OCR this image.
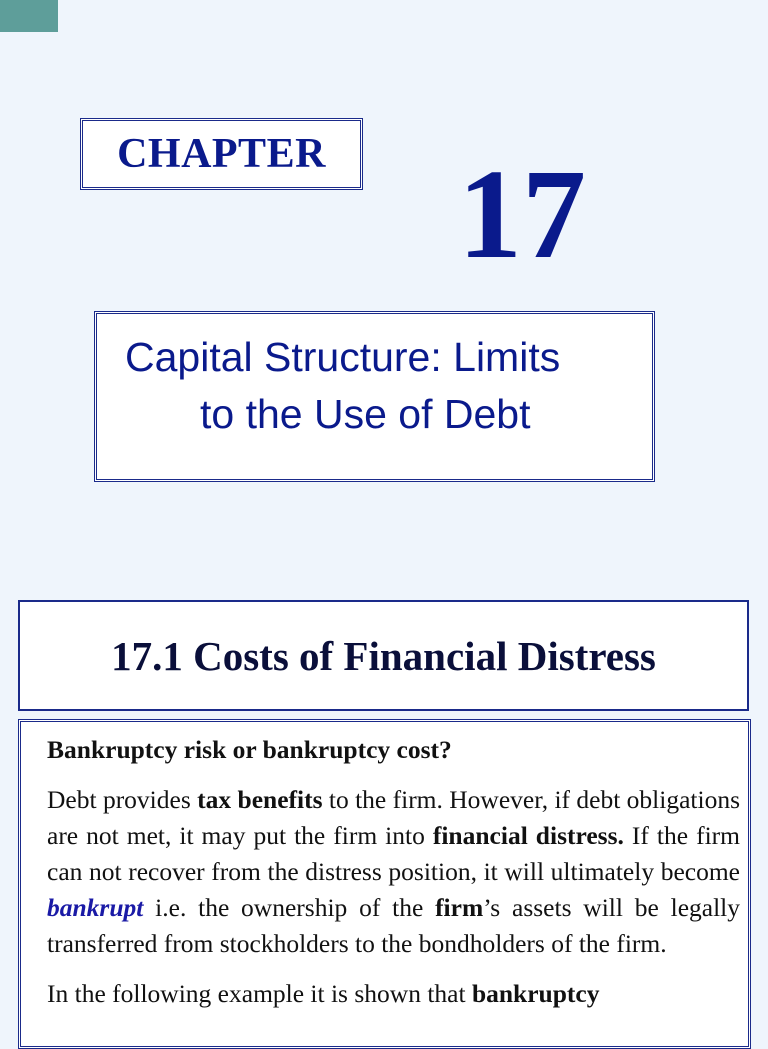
CHAPTER 17
Capital Structure: Limits
to the Use of Debt
17.1 Costs of Financial Distress

Bankruptcy risk or bankruptcy cost?

Debt provides tax benefits to the firm. However, if debt obligations are not met, it may put the firm into financial distress. If the firm can not recover from the distress position, it will ultimately become bankrupt i.e. the ownership of the firm’s assets will be legally transferred from stockholders to the bondholders of the firm.

In the following example it is shown that bankruptcy
